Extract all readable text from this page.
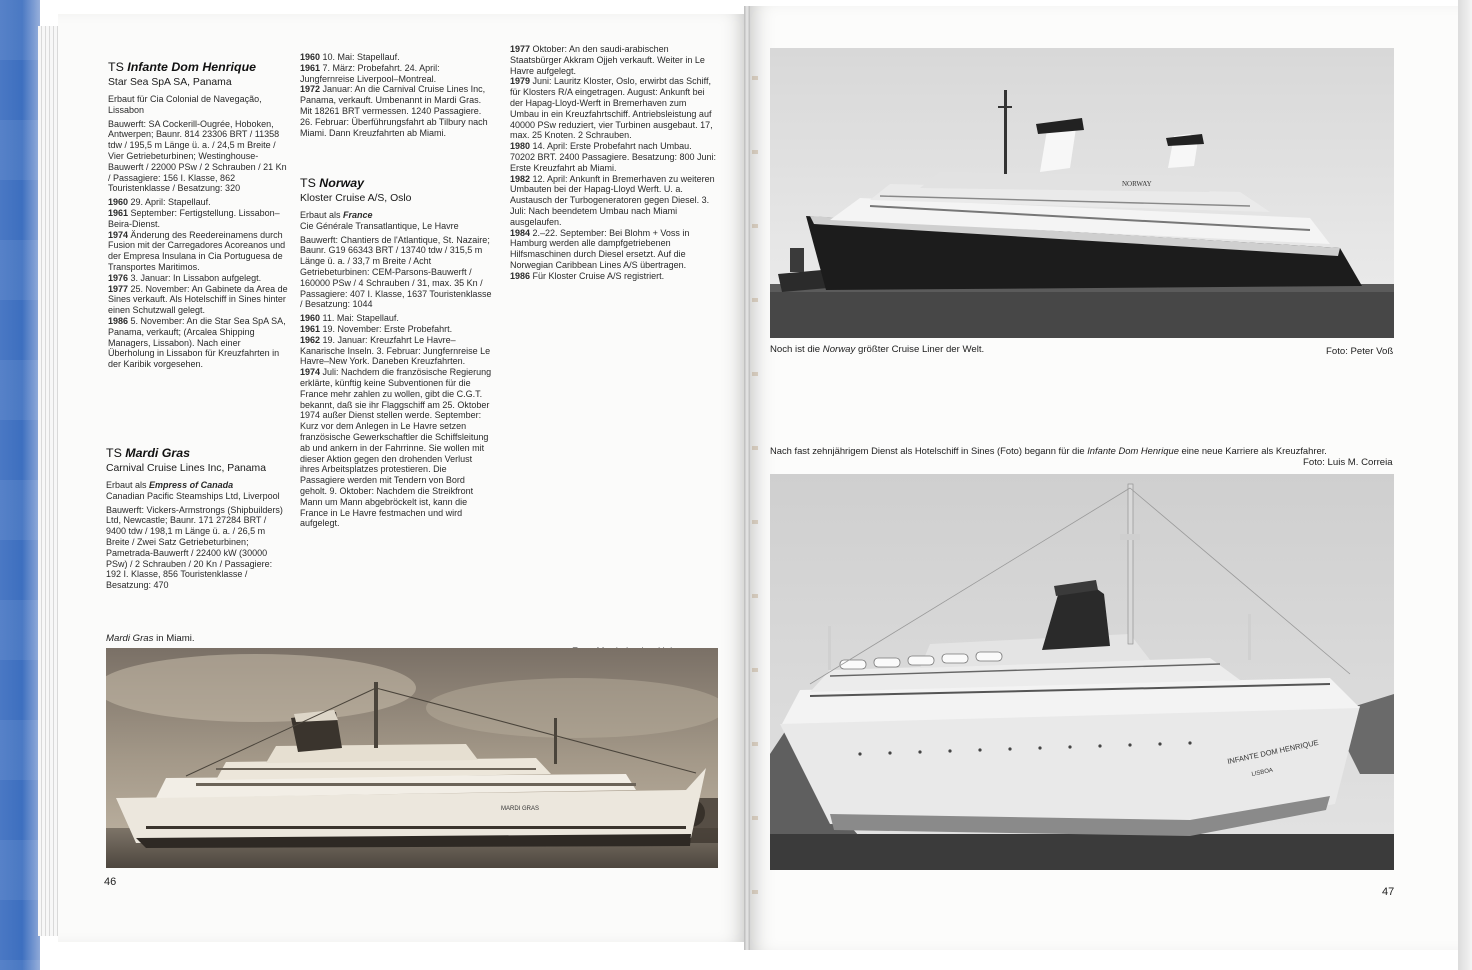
TS Infante Dom Henrique
Star Sea SpA SA, Panama

Erbaut für Cia Colonial de Navegação, Lissabon

Bauwerft: SA Cockerill-Ougrée, Hoboken, Antwerpen; Baunr. 814 23306 BRT / 11358 tdw / 195,5 m Länge ü. a. / 24,5 m Breite / Vier Getriebeturbinen; Westinghouse-Bauwerft / 22000 PSw / 2 Schrauben / 21 Kn / Passagiere: 156 I. Klasse, 862 Touristenklasse / Besatzung: 320

1960 29. April: Stapellauf.

1961 September: Fertigstellung. Lissabon–Beira-Dienst.

1974 Änderung des Reedereinamens durch Fusion mit der Carregadores Acoreanos und der Empresa Insulana in Cia Portuguesa de Transportes Maritimos.

1976 3. Januar: In Lissabon aufgelegt.

1977 25. November: An Gabinete da Area de Sines verkauft. Als Hotelschiff in Sines hinter einen Schutzwall gelegt.

1986 5. November: An die Star Sea SpA SA, Panama, verkauft; (Arcalea Shipping Managers, Lissabon). Nach einer Überholung in Lissabon für Kreuzfahrten in der Karibik vorgesehen.

TS Mardi Gras
Carnival Cruise Lines Inc, Panama

Erbaut als Empress of Canada

Canadian Pacific Steamships Ltd, Liverpool

Bauwerft: Vickers-Armstrongs (Shipbuilders) Ltd, Newcastle; Baunr. 171 27284 BRT / 9400 tdw / 198,1 m Länge ü. a. / 26,5 m Breite / Zwei Satz Getriebeturbinen; Pametrada-Bauwerft / 22400 kW (30000 PSw) / 2 Schrauben / 20 Kn / Passagiere: 192 I. Klasse, 856 Touristenklasse / Besatzung: 470

1960 10. Mai: Stapellauf.

1961 7. März: Probefahrt. 24. April: Jungfernreise Liverpool–Montreal.

1972 Januar: An die Carnival Cruise Lines Inc, Panama, verkauft. Umbenannt in Mardi Gras. Mit 18261 BRT vermessen. 1240 Passagiere. 26. Februar: Überführungsfahrt ab Tilbury nach Miami. Dann Kreuzfahrten ab Miami.

TS Norway
Kloster Cruise A/S, Oslo

Erbaut als France

Cie Générale Transatlantique, Le Havre

Bauwerft: Chantiers de l'Atlantique, St. Nazaire; Baunr. G19 66343 BRT / 13740 tdw / 315,5 m Länge ü. a. / 33,7 m Breite / Acht Getriebeturbinen: CEM-Parsons-Bauwerft / 160000 PSw / 4 Schrauben / 31, max. 35 Kn / Passagiere: 407 I. Klasse, 1637 Touristenklasse / Besatzung: 1044

1960 11. Mai: Stapellauf.

1961 19. November: Erste Probefahrt.

1962 19. Januar: Kreuzfahrt Le Havre–Kanarische Inseln. 3. Februar: Jungfernreise Le Havre–New York. Daneben Kreuzfahrten.

1974 Juli: Nachdem die französische Regierung erklärte, künftig keine Subventionen für die France mehr zahlen zu wollen, gibt die C.G.T. bekannt, daß sie ihr Flaggschiff am 25. Oktober 1974 außer Dienst stellen werde. September: Kurz vor dem Anlegen in Le Havre setzen französische Gewerkschaftler die Schiffsleitung ab und ankern in der Fahrrinne. Sie wollen mit dieser Aktion gegen den drohenden Verlust ihres Arbeitsplatzes protestieren. Die Passagiere werden mit Tendern von Bord geholt. 9. Oktober: Nachdem die Streikfront Mann um Mann abgebröckelt ist, kann die France in Le Havre festmachen und wird aufgelegt.

1977 Oktober: An den saudi-arabischen Staatsbürger Akkram Ojjeh verkauft. Weiter in Le Havre aufgelegt.

1979 Juni: Lauritz Kloster, Oslo, erwirbt das Schiff, für Klosters R/A eingetragen. August: Ankunft bei der Hapag-Lloyd-Werft in Bremerhaven zum Umbau in ein Kreuzfahrtschiff. Antriebsleistung auf 40000 PSw reduziert, vier Turbinen ausgebaut. 17, max. 25 Knoten. 2 Schrauben.

1980 14. April: Erste Probefahrt nach Umbau. 70202 BRT. 2400 Passagiere. Besatzung: 800 Juni: Erste Kreuzfahrt ab Miami.

1982 12. April: Ankunft in Bremerhaven zu weiteren Umbauten bei der Hapag-Lloyd Werft. U. a. Austausch der Turbogeneratoren gegen Diesel. 3. Juli: Nach beendetem Umbau nach Miami ausgelaufen.

1984 2.–22. September: Bei Blohm + Voss in Hamburg werden alle dampfgetriebenen Hilfsmaschinen durch Diesel ersetzt. Auf die Norwegian Caribbean Lines A/S übertragen.

1986 Für Kloster Cruise A/S registriert.

Mardi Gras in Miami.
MARDI GRAS
46
NORWAY
Noch ist die Norway größter Cruise Liner der Welt.	Foto: Peter Voß
Nach fast zehnjährigem Dienst als Hotelschiff in Sines (Foto) begann für die Infante Dom Henrique eine neue Karriere als Kreuzfahrer.
Foto: Luis M. Correia
INFANTE DOM HENRIQUE
LISBOA
47
